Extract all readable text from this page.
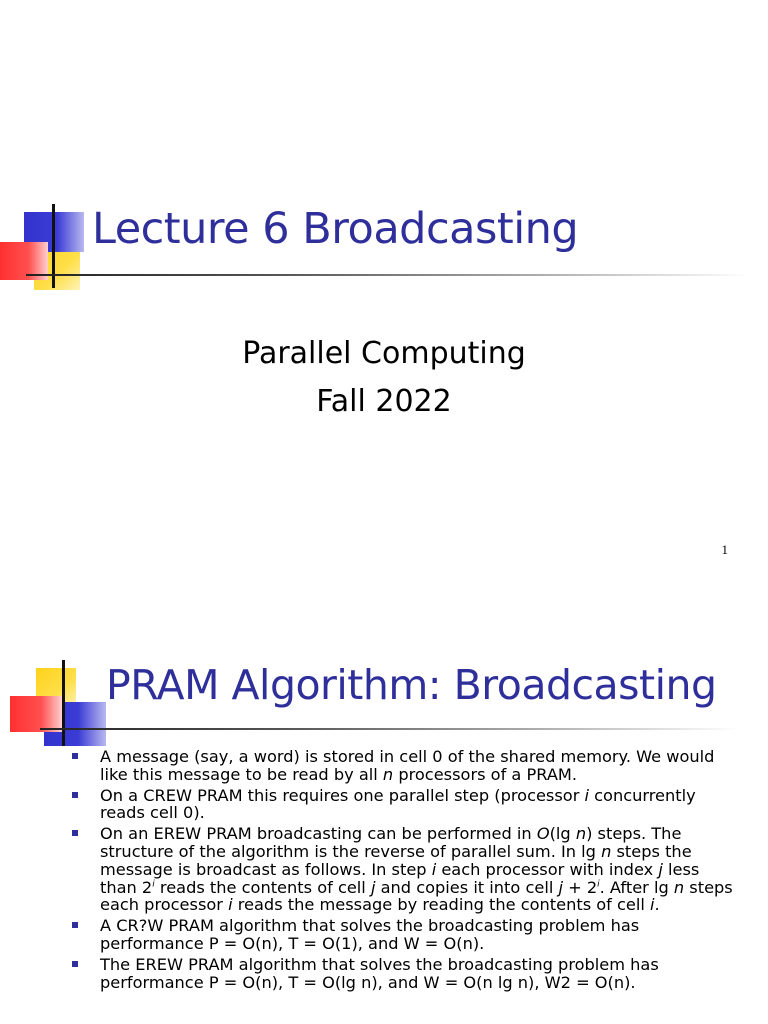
Lecture 6 Broadcasting
Parallel Computing
Fall 2022
1
PRAM Algorithm: Broadcasting
A message (say, a word) is stored in cell 0 of the shared memory. We would like this message to be read by all n processors of a PRAM.
On a CREW PRAM this requires one parallel step (processor i concurrently reads cell 0).
On an EREW PRAM broadcasting can be performed in O(lg n) steps. The structure of the algorithm is the reverse of parallel sum. In lg n steps the message is broadcast as follows. In step i each processor with index j less than 2$^i$ reads the contents of cell j and copies it into cell $j + 2^i$. After lg n steps each processor i reads the message by reading the contents of cell i.
A CR?W PRAM algorithm that solves the broadcasting problem has performance P = O(n), T = O(1), and W = O(n).
The EREW PRAM algorithm that solves the broadcasting problem has performance P = O(n), T = O(lg n), and W = O(n lg n), W2 = O(n).
